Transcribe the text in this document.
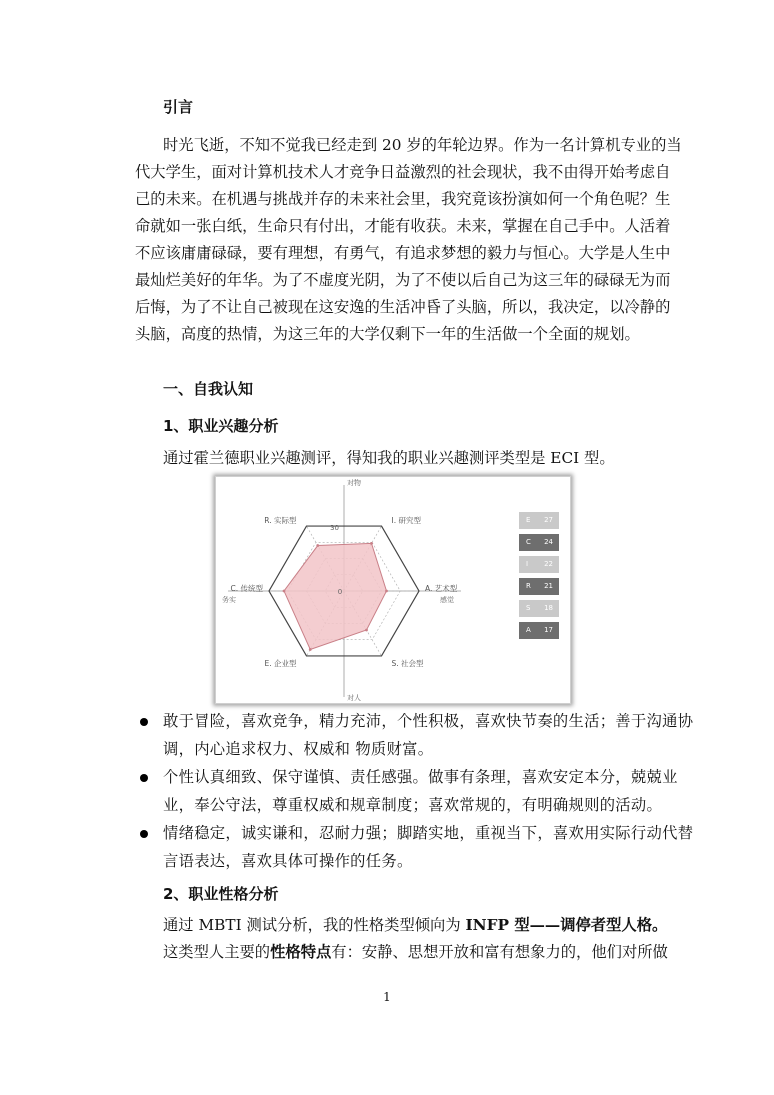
引言
时光飞逝，不知不觉我已经走到 20 岁的年轮边界。作为一名计算机专业的当
代大学生，面对计算机技术人才竞争日益激烈的社会现状，我不由得开始考虑自
己的未来。在机遇与挑战并存的未来社会里，我究竟该扮演如何一个角色呢？生
命就如一张白纸，生命只有付出，才能有收获。未来，掌握在自己手中。人活着
不应该庸庸碌碌，要有理想，有勇气，有追求梦想的毅力与恒心。大学是人生中
最灿烂美好的年华。为了不虚度光阴，为了不使以后自己为这三年的碌碌无为而
后悔，为了不让自己被现在这安逸的生活冲昏了头脑，所以，我决定，以冷静的
头脑，高度的热情，为这三年的大学仅剩下一年的生活做一个全面的规划。
一、自我认知
1、职业兴趣分析
通过霍兰德职业兴趣测评，得知我的职业兴趣测评类型是 ECI 型。
I. 研究型
A. 艺术型
S. 社会型
E. 企业型
C. 传统型
R. 实际型
30
0
对物
对人
务实	感觉
E 27
C 24
I 22
R 21
S 18
A 17
敢于冒险，喜欢竞争，精力充沛，个性积极，喜欢快节奏的生活；善于沟通协调，内心追求权力、权威和 物质财富。
个性认真细致、保守谨慎、责任感强。做事有条理，喜欢安定本分，兢兢业业，奉公守法，尊重权威和规章制度；喜欢常规的，有明确规则的活动。
情绪稳定，诚实谦和，忍耐力强；脚踏实地，重视当下，喜欢用实际行动代替言语表达，喜欢具体可操作的任务。
2、职业性格分析
通过 MBTI 测试分析，我的性格类型倾向为 INFP 型——调停者型人格。
这类型人主要的性格特点有：安静、思想开放和富有想象力的，他们对所做
1
